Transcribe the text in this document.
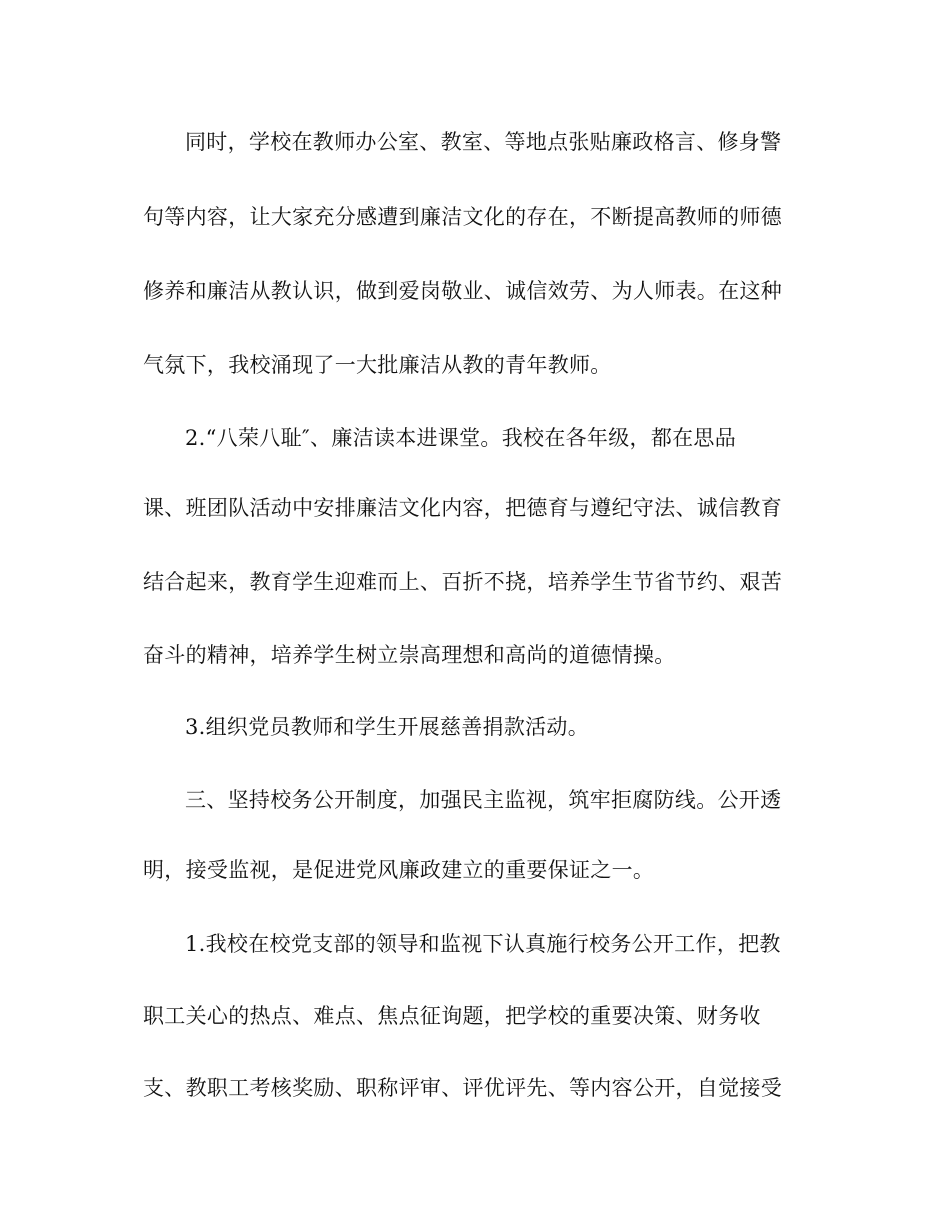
同时，学校在教师办公室、教室、等地点张贴廉政格言、修身警

句等内容，让大家充分感遭到廉洁文化的存在，不断提高教师的师德

修养和廉洁从教认识，做到爱岗敬业、诚信效劳、为人师表。在这种

气氛下，我校涌现了一大批廉洁从教的青年教师。

2.“八荣八耻″、廉洁读本进课堂。我校在各年级，都在思品

课、班团队活动中安排廉洁文化内容，把德育与遵纪守法、诚信教育

结合起来，教育学生迎难而上、百折不挠，培养学生节省节约、艰苦

奋斗的精神，培养学生树立崇高理想和高尚的道德情操。

3.组织党员教师和学生开展慈善捐款活动。

三、坚持校务公开制度，加强民主监视，筑牢拒腐防线。公开透

明，接受监视，是促进党风廉政建立的重要保证之一。

1.我校在校党支部的领导和监视下认真施行校务公开工作，把教

职工关心的热点、难点、焦点征询题，把学校的重要决策、财务收

支、教职工考核奖励、职称评审、评优评先、等内容公开，自觉接受
